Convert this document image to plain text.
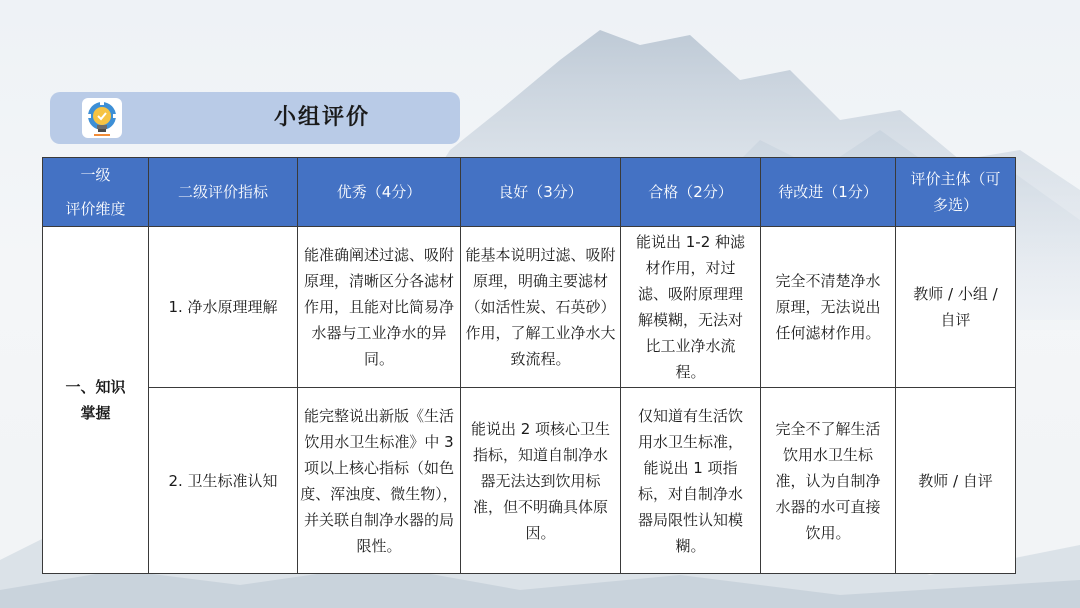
小组评价
一级
评价维度	二级评价指标	优秀（4分）	良好（3分）	合格（2分）	待改进（1分）	评价主体（可多选）
一、知识掌握	1. 净水原理理解	能准确阐述过滤、吸附原理，清晰区分各滤材作用，且能对比简易净水器与工业净水的异同。	能基本说明过滤、吸附原理，明确主要滤材（如活性炭、石英砂）作用，了解工业净水大致流程。	能说出 1-2 种滤材作用，对过滤、吸附原理理解模糊，无法对比工业净水流程。	完全不清楚净水原理，无法说出任何滤材作用。	教师 / 小组 / 自评
	2. 卫生标准认知	能完整说出新版《生活饮用水卫生标准》中 3 项以上核心指标（如色度、浑浊度、微生物），并关联自制净水器的局限性。	能说出 2 项核心卫生指标，知道自制净水器无法达到饮用标准，但不明确具体原因。	仅知道有生活饮用水卫生标准，能说出 1 项指标，对自制净水器局限性认知模糊。	完全不了解生活饮用水卫生标准，认为自制净水器的水可直接饮用。	教师 / 自评
